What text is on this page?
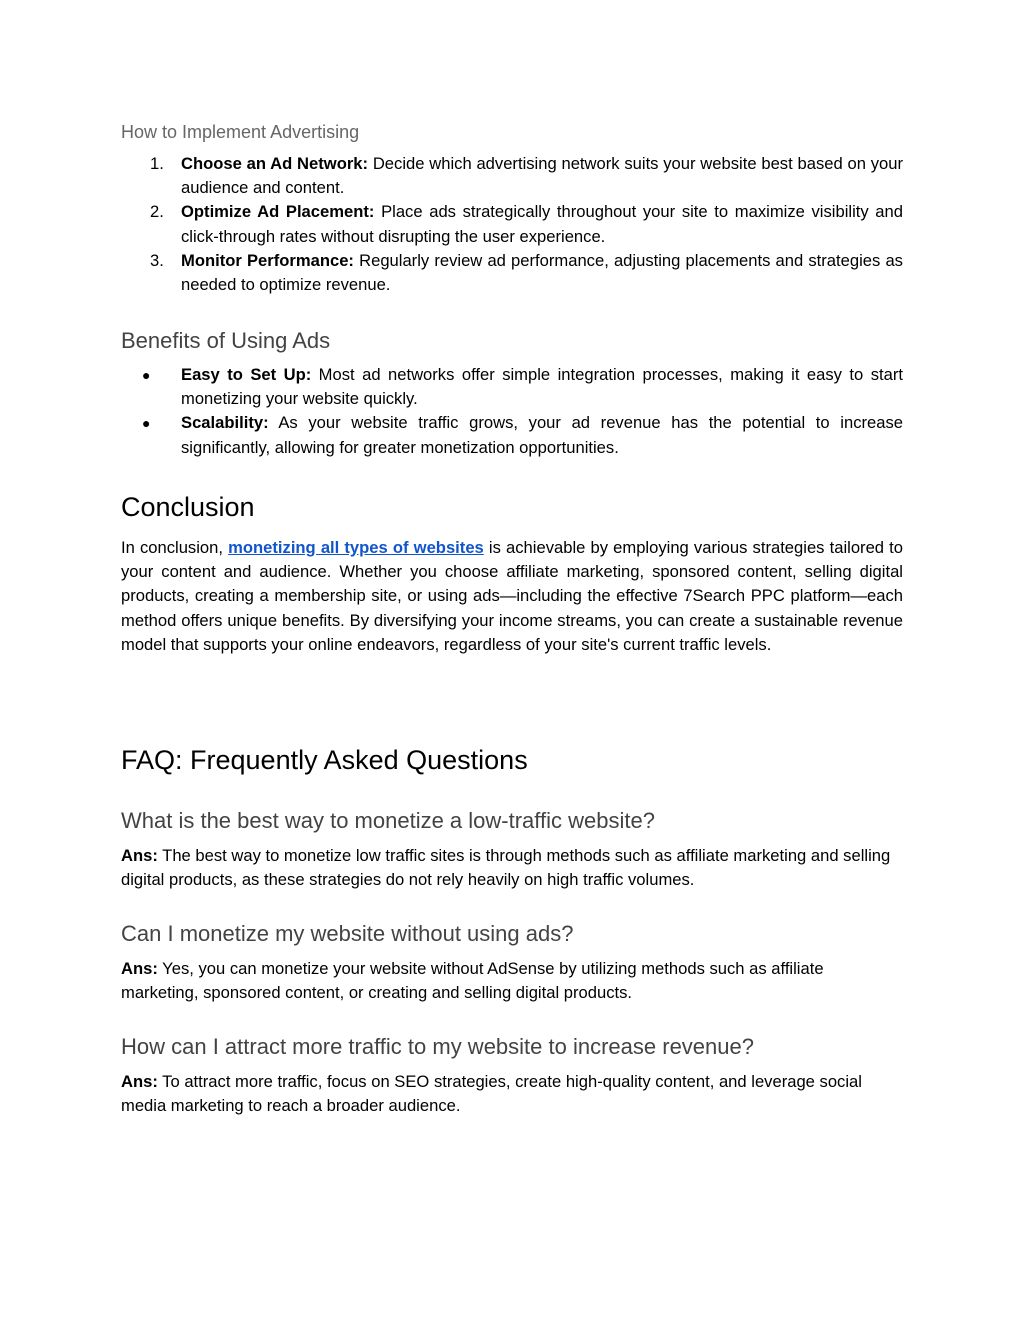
How to Implement Advertising
1.	Choose an Ad Network: Decide which advertising network suits your website best based on your audience and content.
2.	Optimize Ad Placement: Place ads strategically throughout your site to maximize visibility and click-through rates without disrupting the user experience.
3.	Monitor Performance: Regularly review ad performance, adjusting placements and strategies as needed to optimize revenue.
Benefits of Using Ads
● Easy to Set Up: Most ad networks offer simple integration processes, making it easy to start monetizing your website quickly.
● Scalability: As your website traffic grows, your ad revenue has the potential to increase significantly, allowing for greater monetization opportunities.
Conclusion

In conclusion, monetizing all types of websites is achievable by employing various strategies tailored to your content and audience. Whether you choose affiliate marketing, sponsored content, selling digital products, creating a membership site, or using ads—including the effective 7Search PPC platform—each method offers unique benefits. By diversifying your income streams, you can create a sustainable revenue model that supports your online endeavors, regardless of your site's current traffic levels.

FAQ: Frequently Asked Questions
What is the best way to monetize a low-traffic website?

Ans: The best way to monetize low traffic sites is through methods such as affiliate marketing and selling digital products, as these strategies do not rely heavily on high traffic volumes.

Can I monetize my website without using ads?

Ans: Yes, you can monetize your website without AdSense by utilizing methods such as affiliate marketing, sponsored content, or creating and selling digital products.

How can I attract more traffic to my website to increase revenue?

Ans: To attract more traffic, focus on SEO strategies, create high-quality content, and leverage social media marketing to reach a broader audience.
